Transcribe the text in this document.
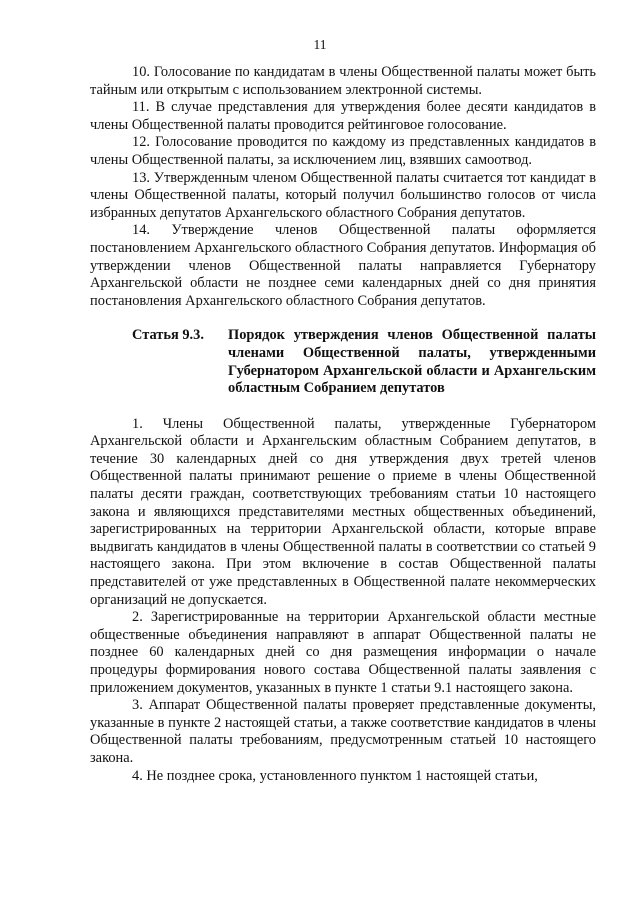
11

10. Голосование по кандидатам в члены Общественной палаты может быть тайным или открытым с использованием электронной системы.

11. В случае представления для утверждения более десяти кандидатов в члены Общественной палаты проводится рейтинговое голосование.

12. Голосование проводится по каждому из представленных кандидатов в члены Общественной палаты, за исключением лиц, взявших самоотвод.

13. Утвержденным членом Общественной палаты считается тот кандидат в члены Общественной палаты, который получил большинство голосов от числа избранных депутатов Архангельского областного Собрания депутатов.

14. Утверждение членов Общественной палаты оформляется постановлением Архангельского областного Собрания депутатов. Информация об утверждении членов Общественной палаты направляется Губернатору Архангельской области не позднее семи календарных дней со дня принятия постановления Архангельского областного Собрания депутатов.

Статья 9.3.	Порядок утверждения членов Общественной палаты членами Общественной палаты, утвержденными Губернатором Архангельской области и Архангельским областным Собранием депутатов

1. Члены Общественной палаты, утвержденные Губернатором Архангельской области и Архангельским областным Собранием депутатов, в течение 30 календарных дней со дня утверждения двух третей членов Общественной палаты принимают решение о приеме в члены Общественной палаты десяти граждан, соответствующих требованиям статьи 10 настоящего закона и являющихся представителями местных общественных объединений, зарегистрированных на территории Архангельской области, которые вправе выдвигать кандидатов в члены Общественной палаты в соответствии со статьей 9 настоящего закона. При этом включение в состав Общественной палаты представителей от уже представленных в Общественной палате некоммерческих организаций не допускается.

2. Зарегистрированные на территории Архангельской области местные общественные объединения направляют в аппарат Общественной палаты не позднее 60 календарных дней со дня размещения информации о начале процедуры формирования нового состава Общественной палаты заявления с приложением документов, указанных в пункте 1 статьи 9.1 настоящего закона.

3. Аппарат Общественной палаты проверяет представленные документы, указанные в пункте 2 настоящей статьи, а также соответствие кандидатов в члены Общественной палаты требованиям, предусмотренным статьей 10 настоящего закона.

4. Не позднее срока, установленного пунктом 1 настоящей статьи,
